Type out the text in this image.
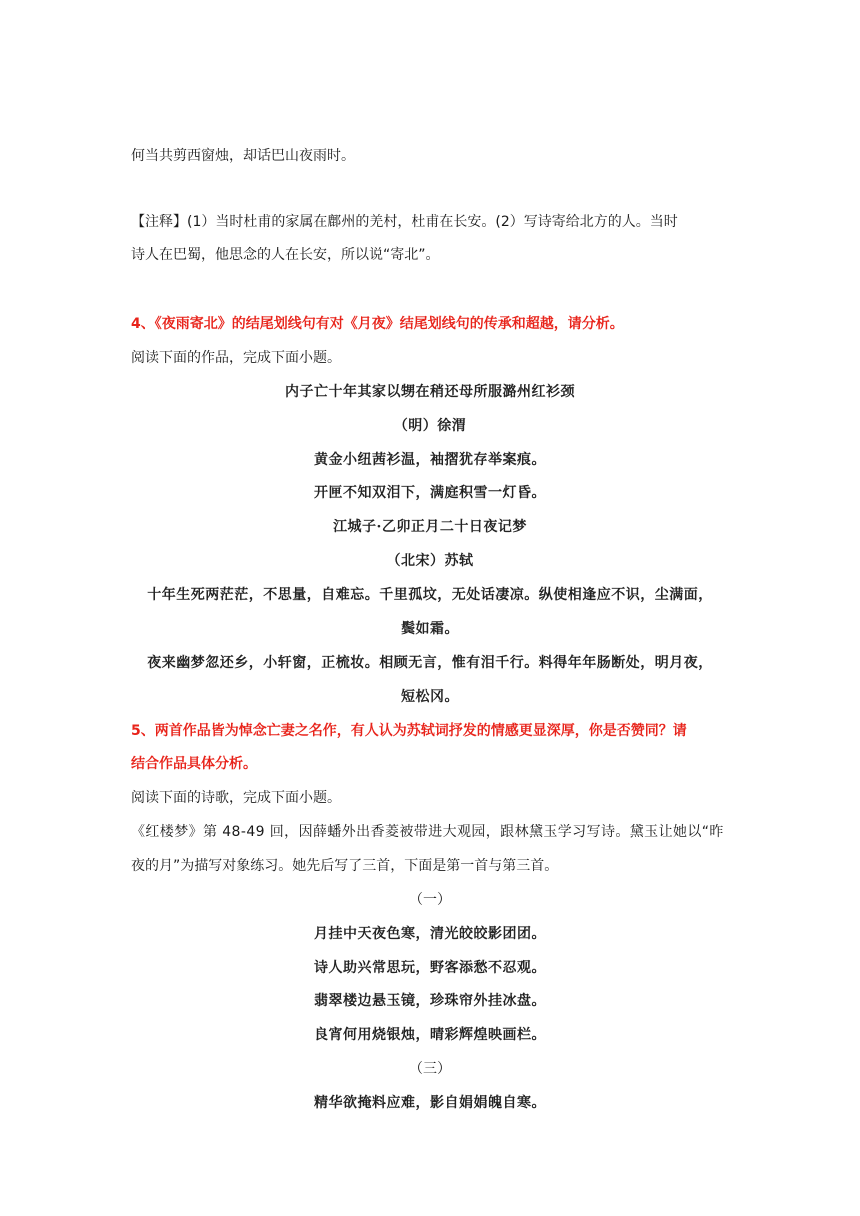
何当共剪西窗烛，却话巴山夜雨时。
【注释】(1）当时杜甫的家属在鄜州的羌村，杜甫在长安。(2）写诗寄给北方的人。当时
诗人在巴蜀，他思念的人在长安，所以说“寄北”。
4、《夜雨寄北》的结尾划线句有对《月夜》结尾划线句的传承和超越，请分析。
阅读下面的作品，完成下面小题。
内子亡十年其家以甥在稍还母所服潞州红衫颈
（明）徐渭
黄金小纽茜衫温，袖摺犹存举案痕。
开匣不知双泪下，满庭积雪一灯昏。
江城子·乙卯正月二十日夜记梦
（北宋）苏轼
十年生死两茫茫，不思量，自难忘。千里孤坟，无处话凄凉。纵使相逢应不识，尘满面，
鬓如霜。
夜来幽梦忽还乡，小轩窗，正梳妆。相顾无言，惟有泪千行。料得年年肠断处，明月夜，
短松冈。
5、两首作品皆为悼念亡妻之名作，有人认为苏轼词抒发的情感更显深厚，你是否赞同？请
结合作品具体分析。
阅读下面的诗歌，完成下面小题。
《红楼梦》第 48-49 回，因薛蟠外出香菱被带进大观园，跟林黛玉学习写诗。黛玉让她以“昨
夜的月”为描写对象练习。她先后写了三首，下面是第一首与第三首。
（一）
月挂中天夜色寒，清光皎皎影团团。
诗人助兴常思玩，野客添愁不忍观。
翡翠楼边悬玉镜，珍珠帘外挂冰盘。
良宵何用烧银烛，晴彩辉煌映画栏。
（三）
精华欲掩料应难，影自娟娟魄自寒。
